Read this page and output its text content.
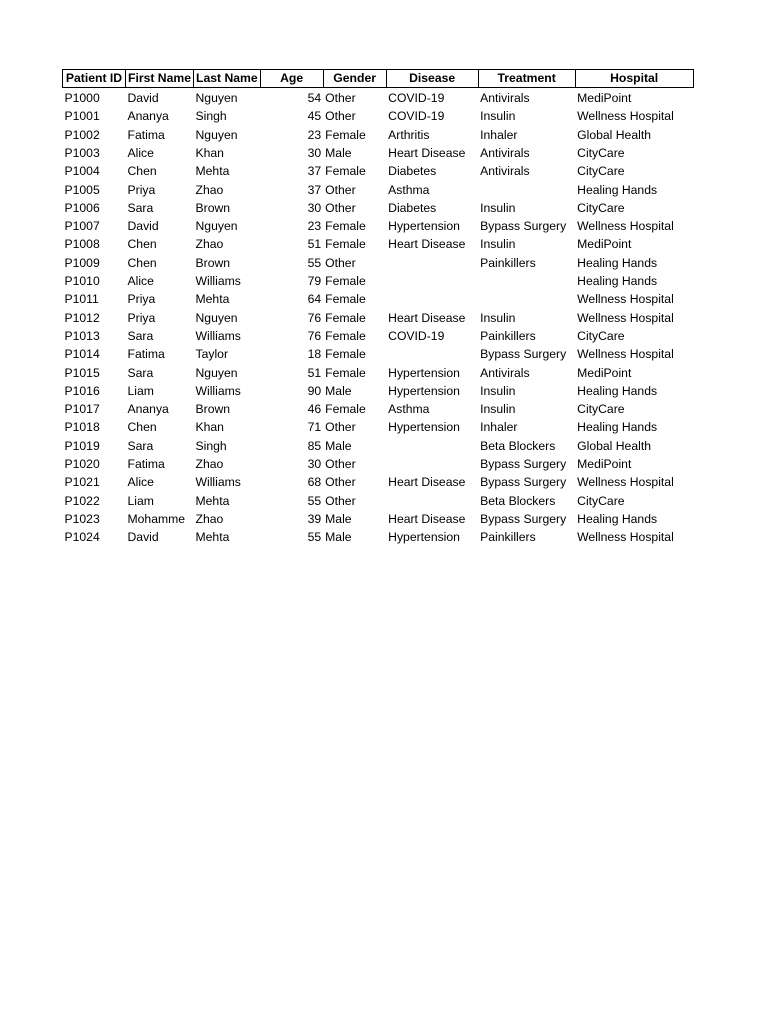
Patient ID	First Name	Last Name	Age	Gender	Disease	Treatment	Hospital
P1000	David	Nguyen	54	Other	COVID-19	Antivirals	MediPoint
P1001	Ananya	Singh	45	Other	COVID-19	Insulin	Wellness Hospital
P1002	Fatima	Nguyen	23	Female	Arthritis	Inhaler	Global Health
P1003	Alice	Khan	30	Male	Heart Disease	Antivirals	CityCare
P1004	Chen	Mehta	37	Female	Diabetes	Antivirals	CityCare
P1005	Priya	Zhao	37	Other	Asthma		Healing Hands
P1006	Sara	Brown	30	Other	Diabetes	Insulin	CityCare
P1007	David	Nguyen	23	Female	Hypertension	Bypass Surgery	Wellness Hospital
P1008	Chen	Zhao	51	Female	Heart Disease	Insulin	MediPoint
P1009	Chen	Brown	55	Other		Painkillers	Healing Hands
P1010	Alice	Williams	79	Female			Healing Hands
P1011	Priya	Mehta	64	Female			Wellness Hospital
P1012	Priya	Nguyen	76	Female	Heart Disease	Insulin	Wellness Hospital
P1013	Sara	Williams	76	Female	COVID-19	Painkillers	CityCare
P1014	Fatima	Taylor	18	Female		Bypass Surgery	Wellness Hospital
P1015	Sara	Nguyen	51	Female	Hypertension	Antivirals	MediPoint
P1016	Liam	Williams	90	Male	Hypertension	Insulin	Healing Hands
P1017	Ananya	Brown	46	Female	Asthma	Insulin	CityCare
P1018	Chen	Khan	71	Other	Hypertension	Inhaler	Healing Hands
P1019	Sara	Singh	85	Male		Beta Blockers	Global Health
P1020	Fatima	Zhao	30	Other		Bypass Surgery	MediPoint
P1021	Alice	Williams	68	Other	Heart Disease	Bypass Surgery	Wellness Hospital
P1022	Liam	Mehta	55	Other		Beta Blockers	CityCare
P1023	Mohamme	Zhao	39	Male	Heart Disease	Bypass Surgery	Healing Hands
P1024	David	Mehta	55	Male	Hypertension	Painkillers	Wellness Hospital
